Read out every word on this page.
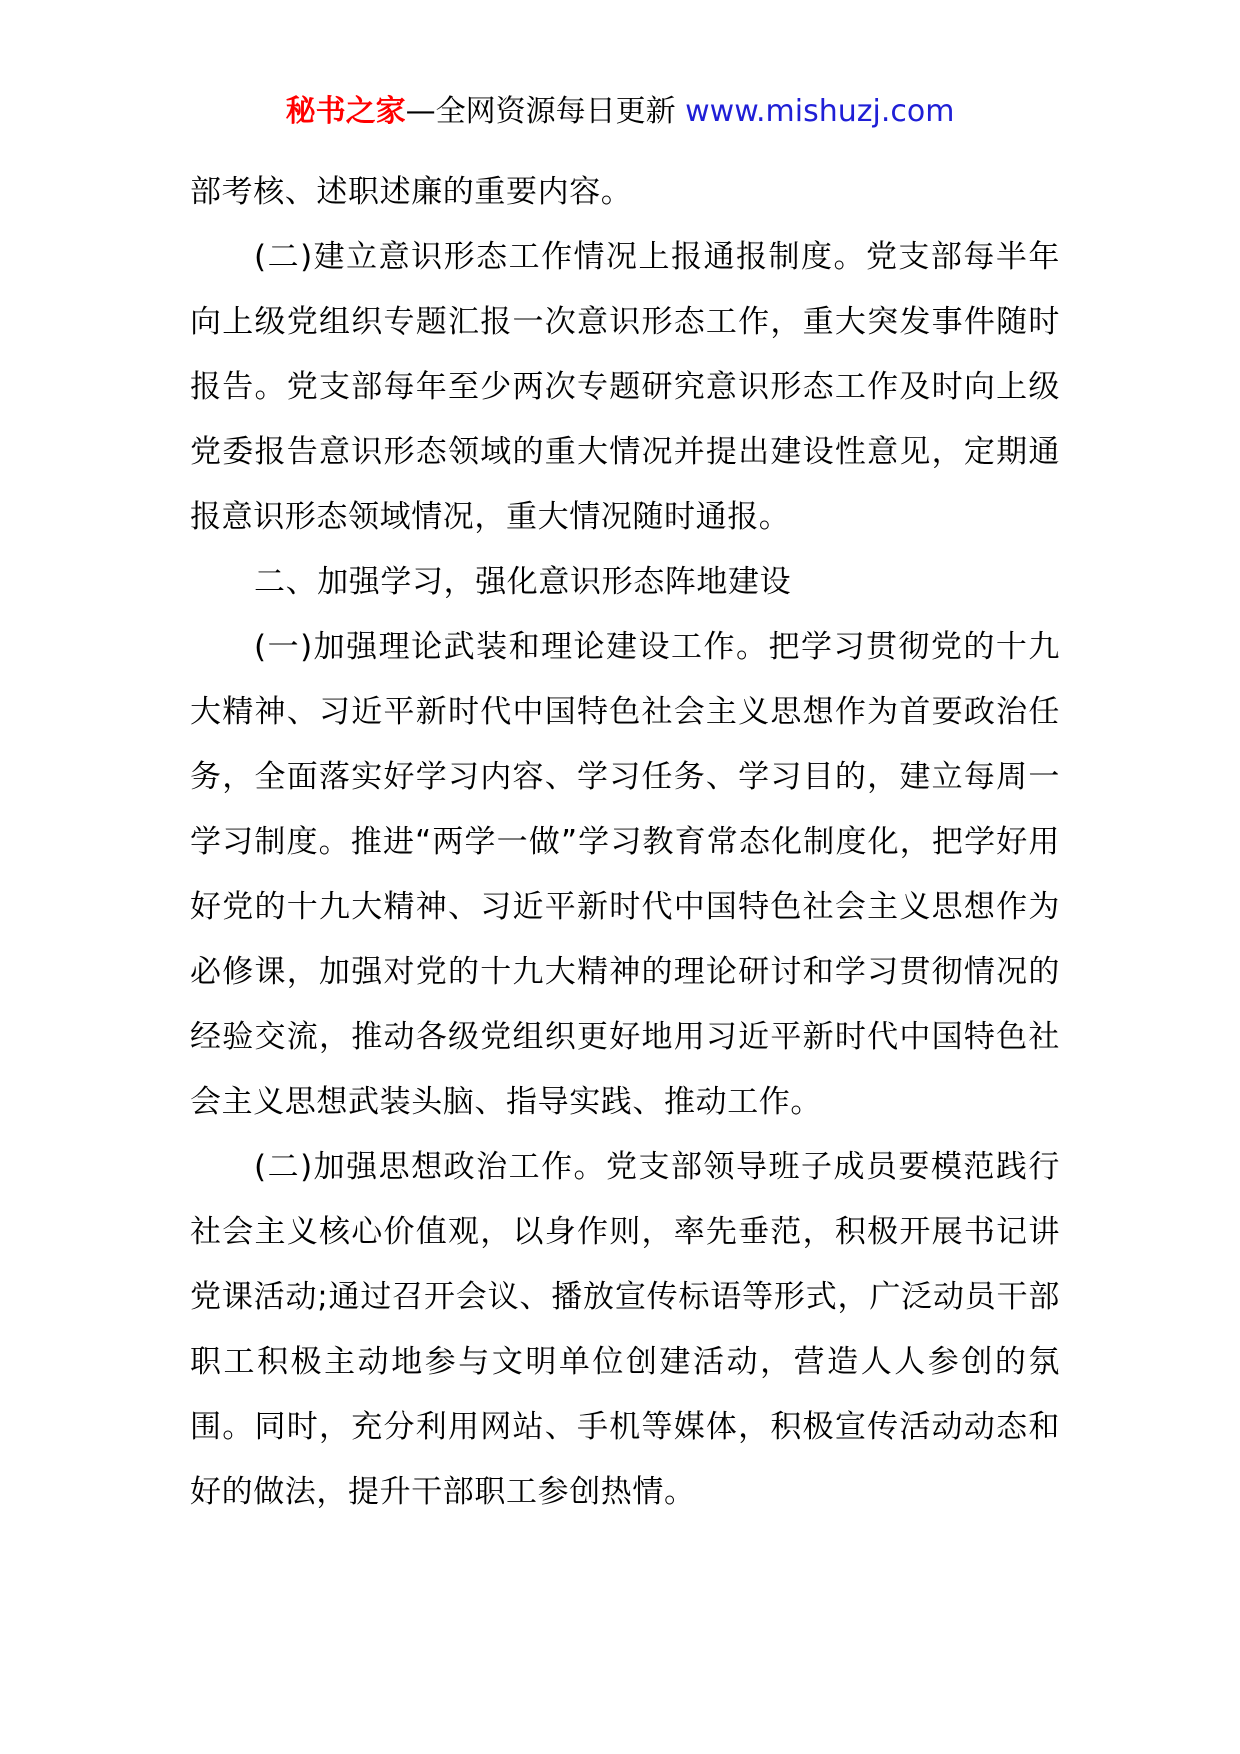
秘书之家—全网资源每日更新 www.mishuzj.com

部考核、述职述廉的重要内容。

(二)建立意识形态工作情况上报通报制度。党支部每半年向上级党组织专题汇报一次意识形态工作，重大突发事件随时报告。党支部每年至少两次专题研究意识形态工作及时向上级党委报告意识形态领域的重大情况并提出建设性意见，定期通报意识形态领域情况，重大情况随时通报。

二、加强学习，强化意识形态阵地建设

(一)加强理论武装和理论建设工作。把学习贯彻党的十九大精神、习近平新时代中国特色社会主义思想作为首要政治任务，全面落实好学习内容、学习任务、学习目的，建立每周一学习制度。推进“两学一做”学习教育常态化制度化，把学好用好党的十九大精神、习近平新时代中国特色社会主义思想作为必修课，加强对党的十九大精神的理论研讨和学习贯彻情况的经验交流，推动各级党组织更好地用习近平新时代中国特色社会主义思想武装头脑、指导实践、推动工作。

(二)加强思想政治工作。党支部领导班子成员要模范践行社会主义核心价值观，以身作则，率先垂范，积极开展书记讲党课活动;通过召开会议、播放宣传标语等形式，广泛动员干部职工积极主动地参与文明单位创建活动，营造人人参创的氛围。同时，充分利用网站、手机等媒体，积极宣传活动动态和好的做法，提升干部职工参创热情。
